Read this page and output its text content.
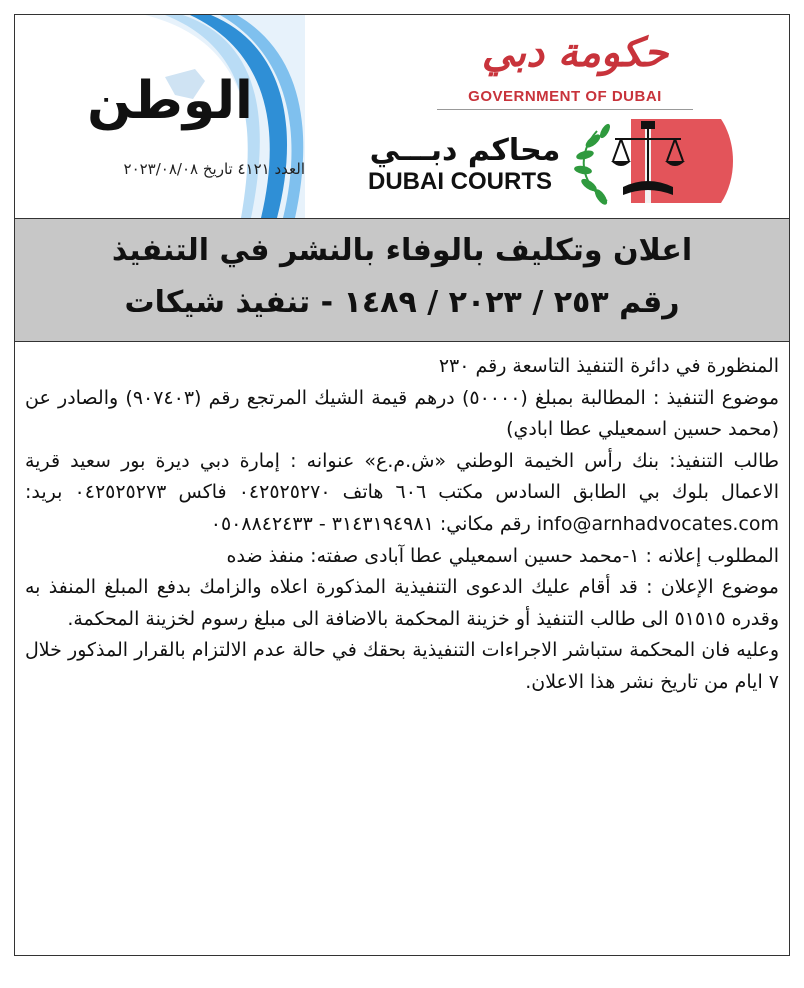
الوطن
العدد ٤١٢١ تاريخ ٢٠٢٣/٠٨/٠٨
حكومة دبي
GOVERNMENT OF DUBAI
محاكم دبـــي
DUBAI COURTS
اعلان وتكليف بالوفاء بالنشر في التنفيذ
رقم ٢٥٣ / ٢٠٢٣ / ١٤٨٩ - تنفيذ شيكات

المنظورة في دائرة التنفيذ التاسعة رقم ٢٣٠

موضوع التنفيذ : المطالبة بمبلغ (٥٠٠٠٠) درهم قيمة الشيك المرتجع رقم (٩٠٧٤٠٣) والصادر عن (محمد حسين اسمعيلي عطا ابادي)

طالب التنفيذ: بنك رأس الخيمة الوطني «ش.م.ع» عنوانه : إمارة دبي ديرة بور سعيد قرية الاعمال بلوك بي الطابق السادس مكتب ٦٠٦ هاتف ٠٤٢٥٢٥٢٧٠ فاكس ٠٤٢٥٢٥٢٧٣ بريد: info@arnhadvocates.com رقم مكاني: ٣١٤٣١٩٤٩٨١ - ٠٥٠٨٨٤٢٤٣٣

المطلوب إعلانه : ١-محمد حسين اسمعيلي عطا آبادى صفته: منفذ ضده

موضوع الإعلان : قد أقام عليك الدعوى التنفيذية المذكورة اعلاه والزامك بدفع المبلغ المنفذ به وقدره ٥١٥١٥ الى طالب التنفيذ أو خزينة المحكمة بالاضافة الى مبلغ رسوم لخزينة المحكمة.

وعليه فان المحكمة ستباشر الاجراءات التنفيذية بحقك في حالة عدم الالتزام بالقرار المذكور خلال ٧ ايام من تاريخ نشر هذا الاعلان.
